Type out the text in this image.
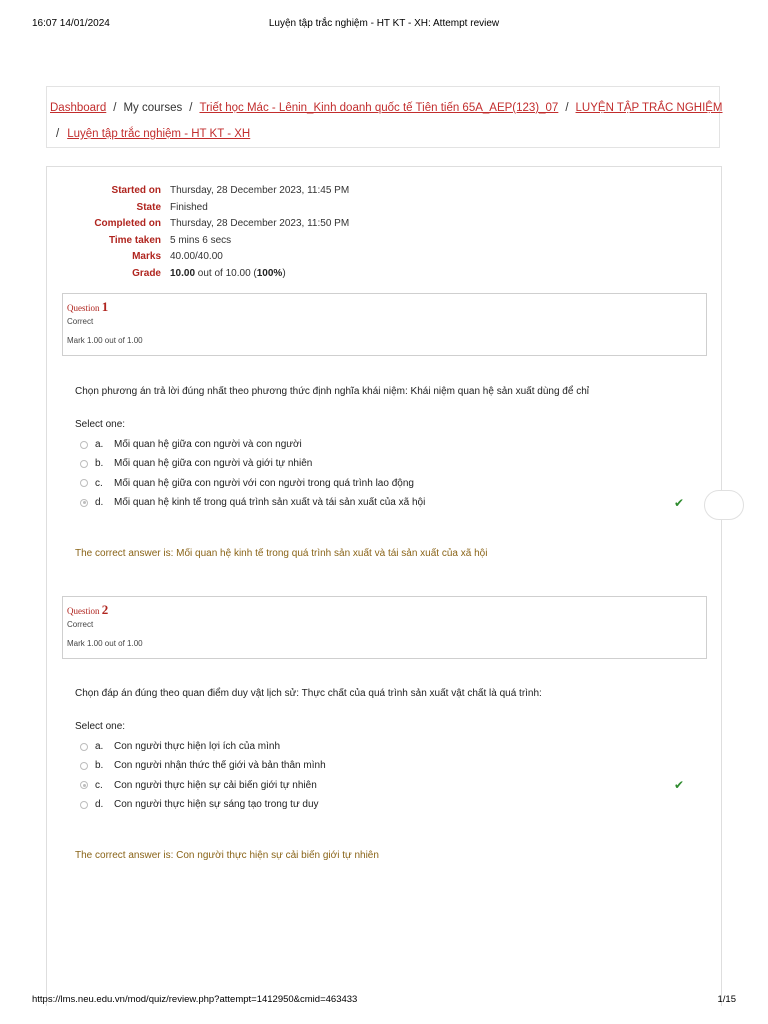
16:07 14/01/2024	Luyện tập trắc nghiệm - HT KT - XH: Attempt review
Dashboard / My courses / Triết học Mác - Lênin_Kinh doanh quốc tế Tiên tiến 65A_AEP(123)_07 / LUYỆN TẬP TRẮC NGHIỆM
/ Luyện tập trắc nghiệm - HT KT - XH
Started on Thursday, 28 December 2023, 11:45 PM
State Finished
Completed on Thursday, 28 December 2023, 11:50 PM
Time taken 5 mins 6 secs
Marks 40.00/40.00
Grade 10.00 out of 10.00 (100%)
Question 1
Correct
Mark 1.00 out of 1.00
Chọn phương án trả lời đúng nhất theo phương thức định nghĩa khái niệm: Khái niệm quan hệ sản xuất dùng để chỉ
Select one:
a.	Mối quan hệ giữa con người và con người
b.	Mối quan hệ giữa con người và giới tự nhiên
c.	Mối quan hệ giữa con người với con người trong quá trình lao động
d.	Mối quan hệ kinh tế trong quá trình sản xuất và tái sản xuất của xã hội	✔
The correct answer is: Mối quan hệ kinh tế trong quá trình sản xuất và tái sản xuất của xã hội
Question 2
Correct
Mark 1.00 out of 1.00
Chọn đáp án đúng theo quan điểm duy vật lịch sử: Thực chất của quá trình sản xuất vật chất là quá trình:
Select one:
a.	Con người thực hiện lợi ích của mình
b.	Con người nhận thức thế giới và bản thân mình
c.	Con người thực hiện sự cải biến giới tự nhiên	✔
d.	Con người thực hiện sự sáng tạo trong tư duy
The correct answer is: Con người thực hiện sự cải biến giới tự nhiên
https://lms.neu.edu.vn/mod/quiz/review.php?attempt=1412950&cmid=463433	1/15
